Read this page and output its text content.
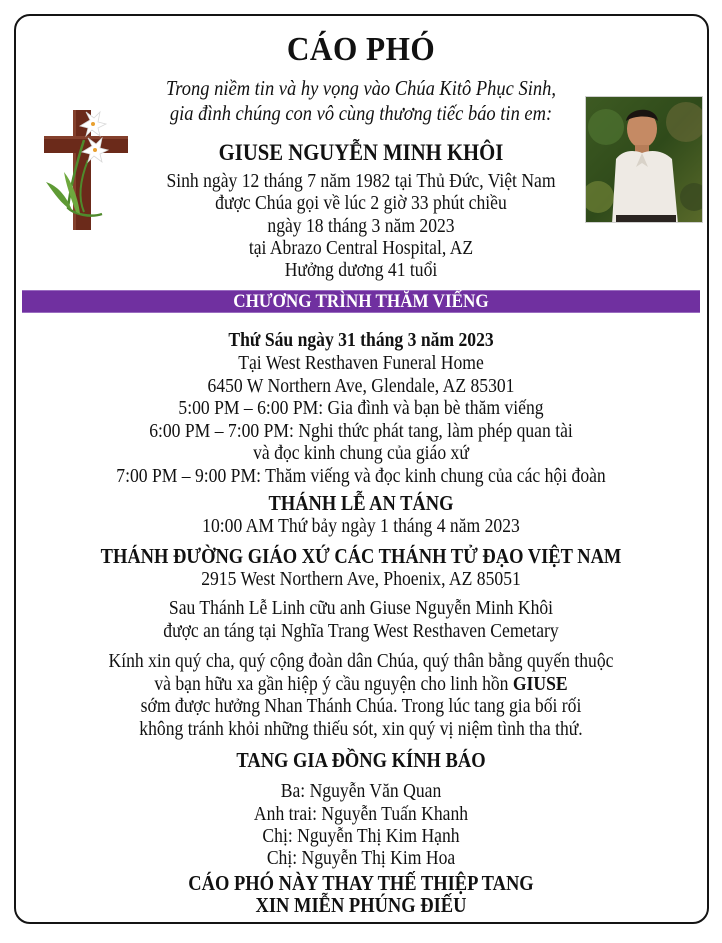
CÁO PHÓ
Trong niềm tin và hy vọng vào Chúa Kitô Phục Sinh,
gia đình chúng con vô cùng thương tiếc báo tin em:
GIUSE NGUYỄN MINH KHÔI
Sinh ngày 12 tháng 7 năm 1982 tại Thủ Đức, Việt Nam
được Chúa gọi về lúc 2 giờ 33 phút chiều
ngày 18 tháng 3 năm 2023
tại Abrazo Central Hospital, AZ
Hưởng dương 41 tuổi
CHƯƠNG TRÌNH THĂM VIẾNG
Thứ Sáu ngày 31 tháng 3 năm 2023
Tại West Resthaven Funeral Home
6450 W Northern Ave, Glendale, AZ 85301
5:00 PM – 6:00 PM: Gia đình và bạn bè thăm viếng
6:00 PM – 7:00 PM: Nghi thức phát tang, làm phép quan tài
và đọc kinh chung của giáo xứ
7:00 PM – 9:00 PM: Thăm viếng và đọc kinh chung của các hội đoàn
THÁNH LỄ AN TÁNG
10:00 AM Thứ bảy ngày 1 tháng 4 năm 2023
THÁNH ĐƯỜNG GIÁO XỨ CÁC THÁNH TỬ ĐẠO VIỆT NAM
2915 West Northern Ave, Phoenix, AZ 85051
Sau Thánh Lễ Linh cữu anh Giuse Nguyễn Minh Khôi
được an táng tại Nghĩa Trang West Resthaven Cemetary
Kính xin quý cha, quý cộng đoàn dân Chúa, quý thân bằng quyến thuộc
và bạn hữu xa gần hiệp ý cầu nguyện cho linh hồn GIUSE
sớm được hưởng Nhan Thánh Chúa. Trong lúc tang gia bối rối
không tránh khỏi những thiếu sót, xin quý vị niệm tình tha thứ.
TANG GIA ĐỒNG KÍNH BÁO
Ba: Nguyễn Văn Quan
Anh trai: Nguyễn Tuấn Khanh
Chị: Nguyễn Thị Kim Hạnh
Chị: Nguyễn Thị Kim Hoa
CÁO PHÓ NÀY THAY THẾ THIỆP TANG
XIN MIỄN PHÚNG ĐIẾU
